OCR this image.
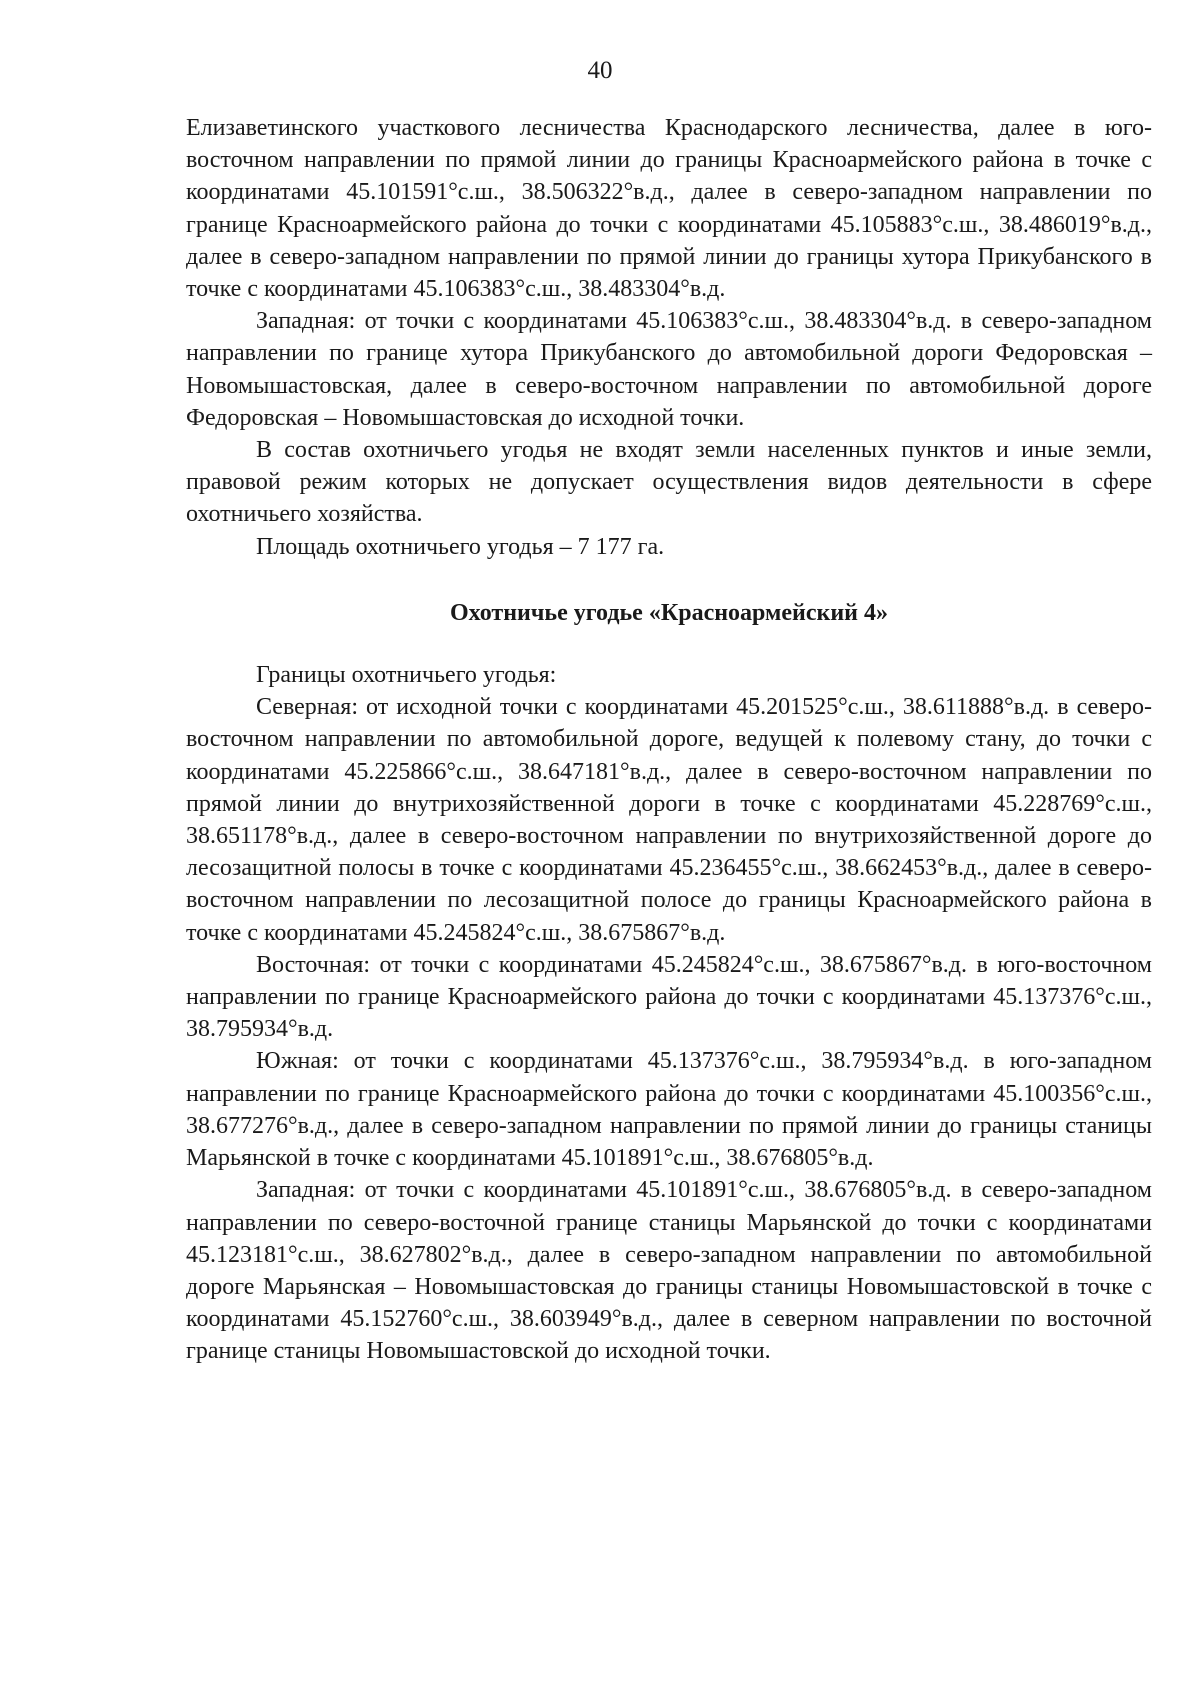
40

Елизаветинского участкового лесничества Краснодарского лесничества, далее в юго-восточном направлении по прямой линии до границы Красноармейского района в точке с координатами 45.101591°с.ш., 38.506322°в.д., далее в северо-западном направлении по границе Красноармейского района до точки с координатами 45.105883°с.ш., 38.486019°в.д., далее в северо-западном направлении по прямой линии до границы хутора Прикубанского в точке с координатами 45.106383°с.ш., 38.483304°в.д.

Западная: от точки с координатами 45.106383°с.ш., 38.483304°в.д. в северо-западном направлении по границе хутора Прикубанского до автомобильной дороги Федоровская – Новомышастовская, далее в северо-восточном направлении по автомобильной дороге Федоровская – Новомышастовская до исходной точки.

В состав охотничьего угодья не входят земли населенных пунктов и иные земли, правовой режим которых не допускает осуществления видов деятельности в сфере охотничьего хозяйства.

Площадь охотничьего угодья – 7 177 га.

Охотничье угодье «Красноармейский 4»

Границы охотничьего угодья:

Северная: от исходной точки с координатами 45.201525°с.ш., 38.611888°в.д. в северо-восточном направлении по автомобильной дороге, ведущей к полевому стану, до точки с координатами 45.225866°с.ш., 38.647181°в.д., далее в северо-восточном направлении по прямой линии до внутрихозяйственной дороги в точке с координатами 45.228769°с.ш., 38.651178°в.д., далее в северо-восточном направлении по внутрихозяйственной дороге до лесозащитной полосы в точке с координатами 45.236455°с.ш., 38.662453°в.д., далее в северо-восточном направлении по лесозащитной полосе до границы Красноармейского района в точке с координатами 45.245824°с.ш., 38.675867°в.д.

Восточная: от точки с координатами 45.245824°с.ш., 38.675867°в.д. в юго-восточном направлении по границе Красноармейского района до точки с координатами 45.137376°с.ш., 38.795934°в.д.

Южная: от точки с координатами 45.137376°с.ш., 38.795934°в.д. в юго-западном направлении по границе Красноармейского района до точки с координатами 45.100356°с.ш., 38.677276°в.д., далее в северо-западном направлении по прямой линии до границы станицы Марьянской в точке с координатами 45.101891°с.ш., 38.676805°в.д.

Западная: от точки с координатами 45.101891°с.ш., 38.676805°в.д. в северо-западном направлении по северо-восточной границе станицы Марьянской до точки с координатами 45.123181°с.ш., 38.627802°в.д., далее в северо-западном направлении по автомобильной дороге Марьянская – Новомышастовская до границы станицы Новомышастовской в точке с координатами 45.152760°с.ш., 38.603949°в.д., далее в северном направлении по восточной границе станицы Новомышастовской до исходной точки.
